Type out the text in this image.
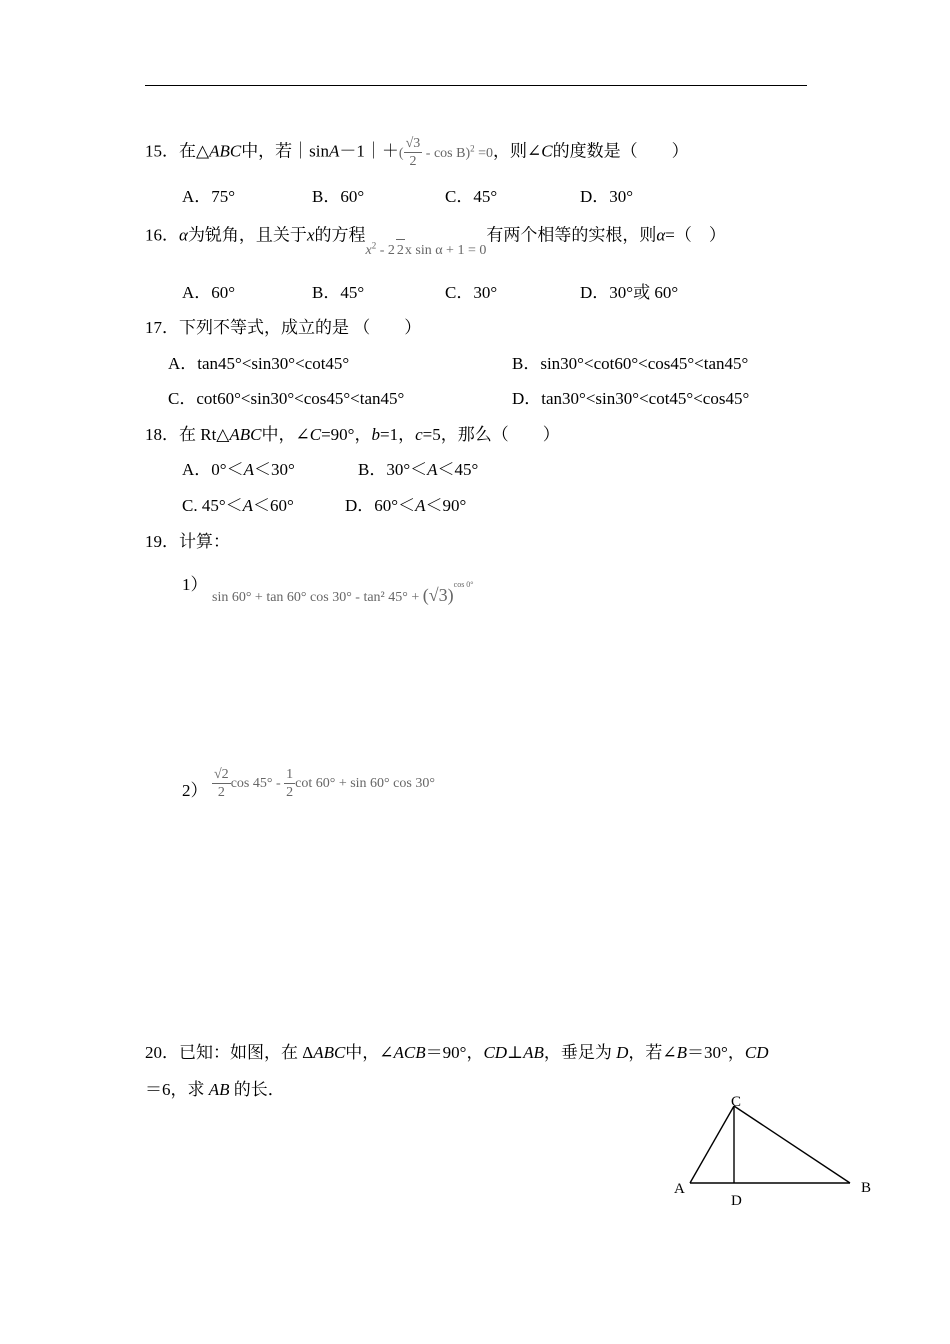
15．在△ABC中，若｜sinA－1｜＋( $\frac{√3}{2} - \cos B)^2 =0$，则∠C的度数是（　　）
A．75°	B．60°	C．45°	D．30°
16．α为锐角，且关于x的方程$_{x^2 - 2 2x sin \alpha + 1 = 0}$有两个相等的实根，则α=（　）
A．60°	B．45°	C．30°	D．30°或 60°
17．下列不等式，成立的是 （　　）
A．tan45°<sin30°<cot45°	B．sin30°<cot60°<cos45°<tan45°
C．cot60°<sin30°<cos45°<tan45°	D．tan30°<sin30°<cot45°<cos45°
18．在 Rt△ABC中，∠C=90°，b=1，c=5，那么（　　）
A．0°＜A＜30°	B．30°＜A＜45°
C. 45°＜A＜60°	D．60°＜A＜90°
19．计算：
1）
sin 60° + tan 60° cos 30° - tan² $45^\circ + (√3)^{cos 0^\circ}$
$2) \frac{√2}{2}$ $\cos 45^\circ - \frac{1}{2}$ cot 60° + sin 60° cos 30°
20．已知：如图，在 ΔABC中，∠ACB＝90°，CD⊥AB，垂足为 D，若∠B＝30°，CD
＝6，求 AB 的长．
C
A
D
B
